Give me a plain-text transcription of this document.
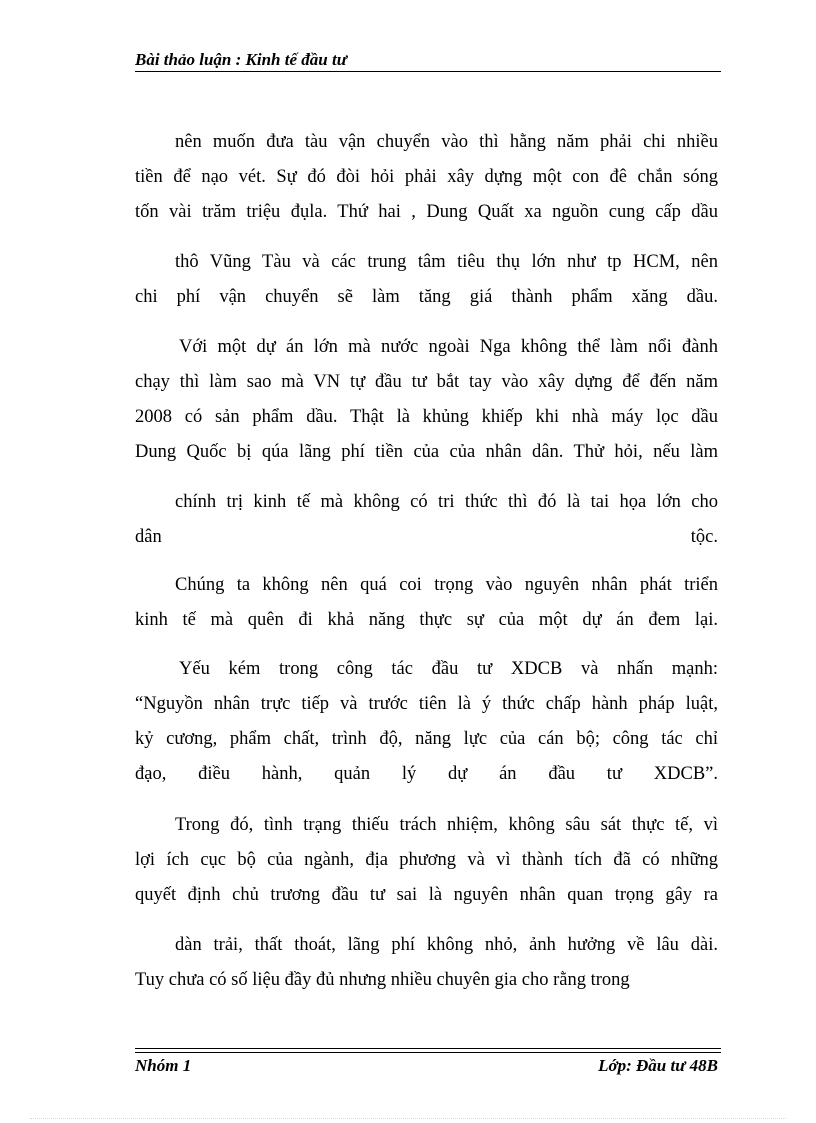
Bài thảo luận : Kinh tế đầu tư
nên muốn đưa tàu vận chuyển vào thì hằng năm phải chi nhiều
tiền để nạo vét. Sự đó đòi hỏi phải xây dựng một con đê chắn sóng
tốn vài trăm triệu đụla. Thứ hai , Dung Quất xa nguồn cung cấp dầu
thô Vũng Tàu và các trung tâm tiêu thụ lớn như tp HCM, nên
chi phí vận chuyển sẽ làm tăng giá thành phẩm xăng dầu.
Với một dự án lớn mà nước ngoài Nga không thể làm nổi đành
chạy thì làm sao mà VN tự đầu tư bắt tay vào xây dựng để đến năm
2008 có sản phẩm dầu. Thật là khủng khiếp khi nhà máy lọc dầu
Dung Quốc bị qúa lãng phí tiền của của nhân dân. Thử hỏi, nếu làm
chính trị kinh tế mà không có tri thức thì đó là tai họa lớn cho
dân tộc.
Chúng ta không nên quá coi trọng vào nguyên nhân phát triển
kinh tế mà quên đi khả năng thực sự của một dự án đem lại.
Yếu kém trong công tác đầu tư XDCB và nhấn mạnh:
“Nguyồn nhân trực tiếp và trước tiên là ý thức chấp hành pháp luật,
kỷ cương, phẩm chất, trình độ, năng lực của cán bộ; công tác chỉ
đạo, điều hành, quản lý dự án đầu tư XDCB”.
Trong đó, tình trạng thiếu trách nhiệm, không sâu sát thực tế, vì
lợi ích cục bộ của ngành, địa phương và vì thành tích đã có những
quyết định chủ trương đầu tư sai là nguyên nhân quan trọng gây ra
dàn trải, thất thoát, lãng phí không nhỏ, ảnh hưởng về lâu dài.
Tuy chưa có số liệu đầy đủ nhưng nhiều chuyên gia cho rằng trong
Nhóm 1	Lớp: Đầu tư 48B
